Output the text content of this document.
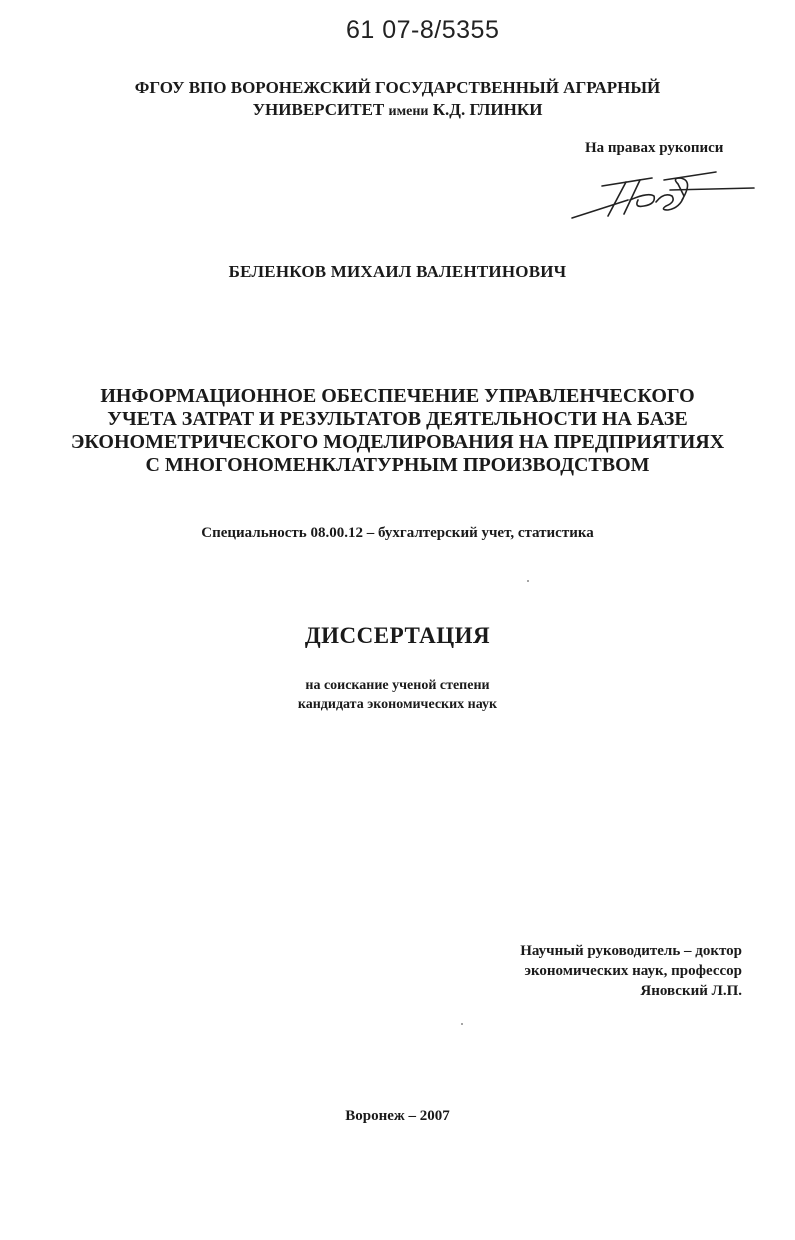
61 07-8/5355
ФГОУ ВПО ВОРОНЕЖСКИЙ ГОСУДАРСТВЕННЫЙ АГРАРНЫЙ
УНИВЕРСИТЕТ имени К.Д. ГЛИНКИ
На правах рукописи
БЕЛЕНКОВ МИХАИЛ ВАЛЕНТИНОВИЧ
ИНФОРМАЦИОННОЕ ОБЕСПЕЧЕНИЕ УПРАВЛЕНЧЕСКОГО
УЧЕТА ЗАТРАТ И РЕЗУЛЬТАТОВ ДЕЯТЕЛЬНОСТИ НА БАЗЕ
ЭКОНОМЕТРИЧЕСКОГО МОДЕЛИРОВАНИЯ НА ПРЕДПРИЯТИЯХ
С МНОГОНОМЕНКЛАТУРНЫМ ПРОИЗВОДСТВОМ
Специальность 08.00.12 – бухгалтерский учет, статистика
ДИССЕРТАЦИЯ
на соискание ученой степени
кандидата экономических наук
Научный руководитель – доктор
экономических наук, профессор
Яновский Л.П.
Воронеж – 2007
